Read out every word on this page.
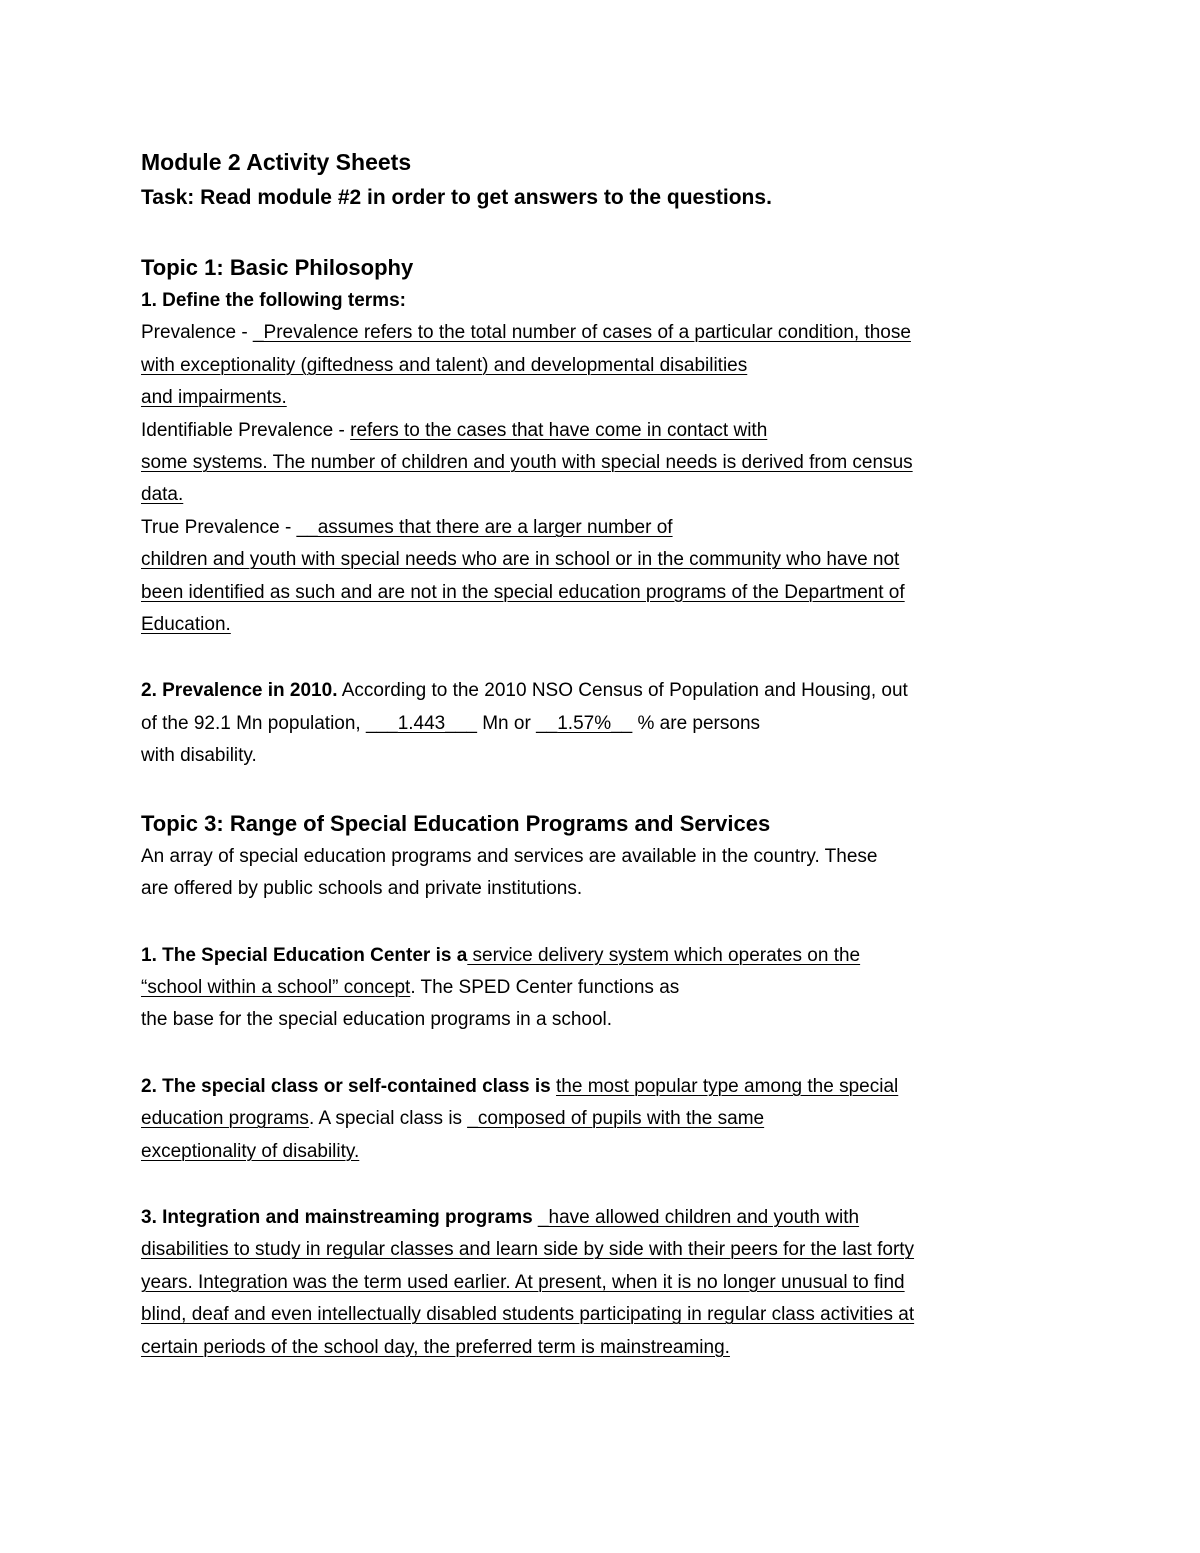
Module 2 Activity Sheets

Task: Read module #2 in order to get answers to the questions.

Topic 1: Basic Philosophy

1. Define the following terms:

Prevalence - _Prevalence refers to the total number of cases of a particular condition, those

with exceptionality (giftedness and talent) and developmental disabilities

and impairments.

Identifiable Prevalence - refers to the cases that have come in contact with

some systems. The number of children and youth with special needs is derived from census

data.

True Prevalence - __assumes that there are a larger number of

children and youth with special needs who are in school or in the community who have not

been identified as such and are not in the special education programs of the Department of

Education.

2. Prevalence in 2010. According to the 2010 NSO Census of Population and Housing, out

of the 92.1 Mn population, ___1.443___ Mn or __1.57%__ % are persons

with disability.

Topic 3: Range of Special Education Programs and Services

An array of special education programs and services are available in the country. These

are offered by public schools and private institutions.

1. The Special Education Center is a service delivery system which operates on the

“school within a school” concept. The SPED Center functions as

the base for the special education programs in a school.

2. The special class or self-contained class is the most popular type among the special

education programs. A special class is _composed of pupils with the same

exceptionality of disability.

3. Integration and mainstreaming programs _have allowed children and youth with

disabilities to study in regular classes and learn side by side with their peers for the last forty

years. Integration was the term used earlier. At present, when it is no longer unusual to find

blind, deaf and even intellectually disabled students participating in regular class activities at

certain periods of the school day, the preferred term is mainstreaming.
